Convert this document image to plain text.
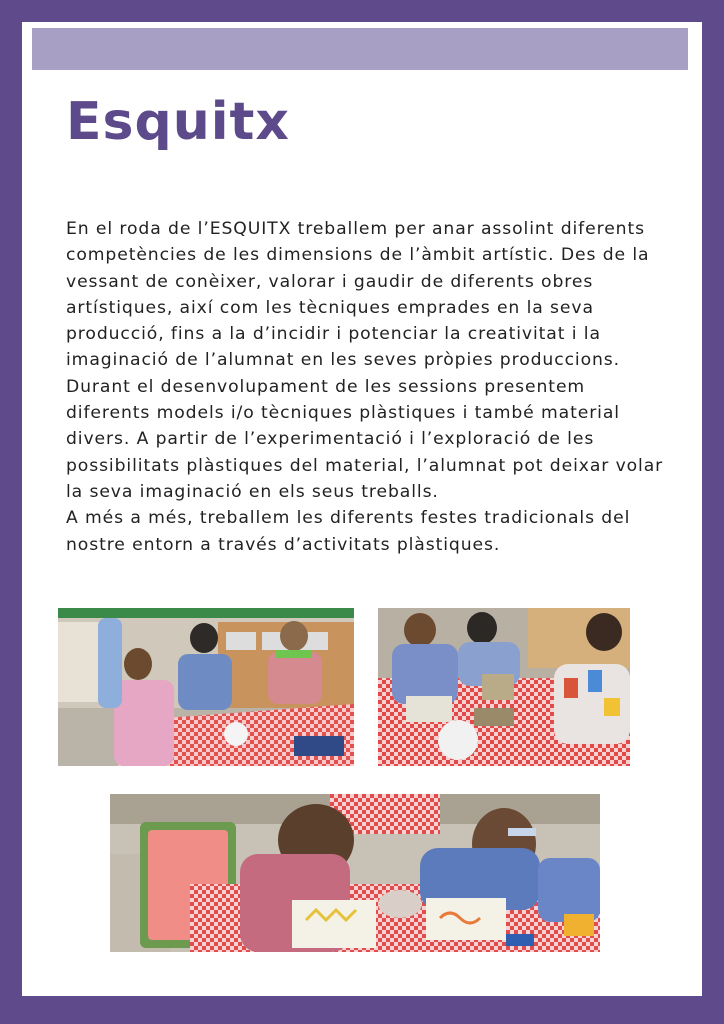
Esquitx

En el roda de l’ESQUITX treballem per anar assolint diferents competències de les dimensions de l’àmbit artístic. Des de la vessant de conèixer, valorar i gaudir de diferents obres artístiques, així com les tècniques emprades en la seva producció, fins a la d’incidir i potenciar la creativitat i la imaginació de l’alumnat en les seves pròpies produccions.

Durant el desenvolupament de les sessions presentem diferents models i/o tècniques plàstiques i també material divers. A partir de l’experimentació i l’exploració de les possibilitats plàstiques del material, l’alumnat pot deixar volar la seva imaginació en els seus treballs.

A més a més, treballem les diferents festes tradicionals del nostre entorn a través d’activitats plàstiques.
